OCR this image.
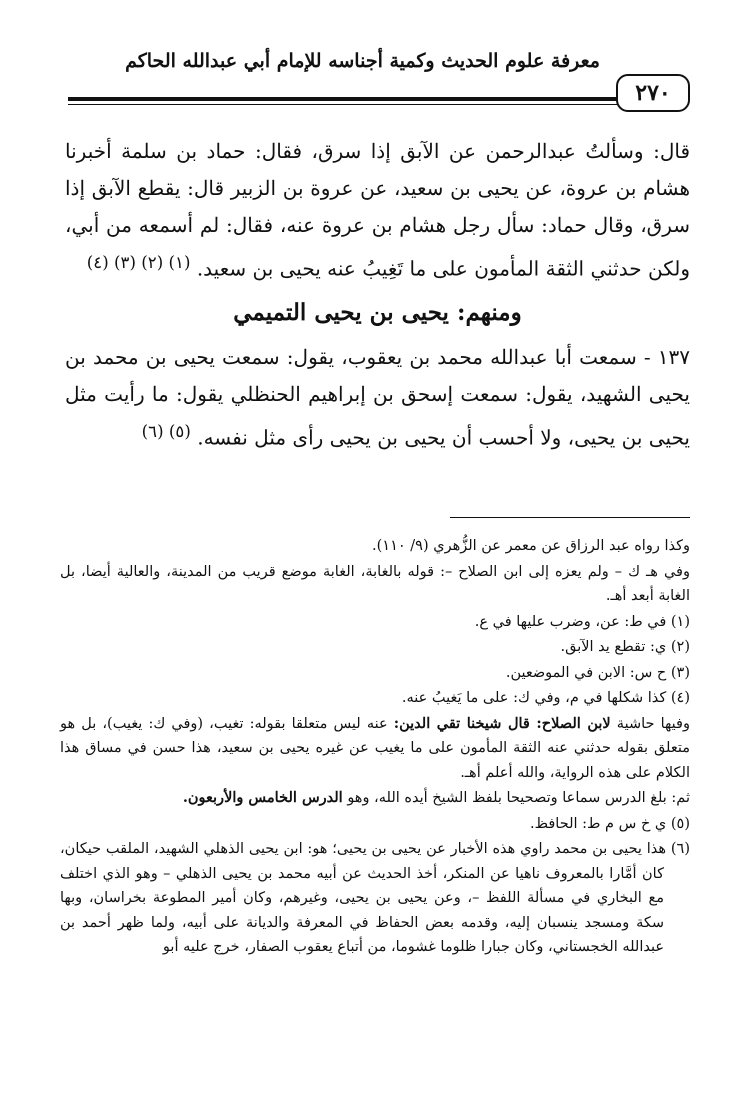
معرفة علوم الحديث وكمية أجناسه للإمام أبي عبدالله الحاكم
٢٧٠

قال: وسألتُ عبدالرحمن عن الآبق إذا سرق، فقال: حماد بن سلمة أخبرنا هشام بن عروة، عن يحيى بن سعيد، عن عروة بن الزبير قال: يقطع الآبق إذا سرق، وقال حماد: سأل رجل هشام بن عروة عنه، فقال: لم أسمعه من أبي، ولكن حدثني الثقة المأمون على ما تَغِيبُ عنه يحيى بن سعيد. $^{(١) (٢) (٣) (٤)}$

ومنهم: يحيى بن يحيى التميمي

١٣٧ - سمعت أبا عبدالله محمد بن يعقوب، يقول: سمعت يحيى بن محمد بن يحيى الشهيد، يقول: سمعت إسحق بن إبراهيم الحنظلي يقول: ما رأيت مثل يحيى بن يحيى، ولا أحسب أن يحيى بن يحيى رأى مثل نفسه. $^{(٥) (٦)}$

وكذا رواه عبد الرزاق عن معمر عن الزُّهري (٩/ ١١٠).

وفي هـ ك – ولم يعزه إلى ابن الصلاح –: قوله بالغابة، الغابة موضع قريب من المدينة، والعالية أيضا، بل الغابة أبعد أهـ.

(١) في ط: عن، وضرب عليها في ع.

(٢) ي: تقطع يد الآبق.

(٣) ح س: الابن في الموضعين.

(٤) كذا شكلها في م، وفي ك: على ما يَغيبُ عنه.

وفيها حاشية لابن الصلاح: قال شيخنا تقي الدين: عنه ليس متعلقا بقوله: تغيب، (وفي ك: يغيب)، بل هو متعلق بقوله حدثني عنه الثقة المأمون على ما يغيب عن غيره يحيى بن سعيد، هذا حسن في مساق هذا الكلام على هذه الرواية، والله أعلم أهـ.

ثم: بلغ الدرس سماعا وتصحيحا بلفظ الشيخ أيده الله، وهو الدرس الخامس والأربعون.

(٥) ي خ س م ط: الحافظ.

(٦) هذا يحيى بن محمد راوي هذه الأخبار عن يحيى بن يحيى؛ هو: ابن يحيى الذهلي الشهيد، الملقب حيكان، كان أمَّارا بالمعروف ناهيا عن المنكر، أخذ الحديث عن أبيه محمد بن يحيى الذهلي – وهو الذي اختلف مع البخاري في مسألة اللفظ –، وعن يحيى بن يحيى، وغيرهم، وكان أمير المطوعة بخراسان، وبها سكة ومسجد ينسبان إليه، وقدمه بعض الحفاظ في المعرفة والديانة على أبيه، ولما ظهر أحمد بن عبدالله الخجستاني، وكان جبارا ظلوما غشوما، من أتباع يعقوب الصفار، خرج عليه أبو
